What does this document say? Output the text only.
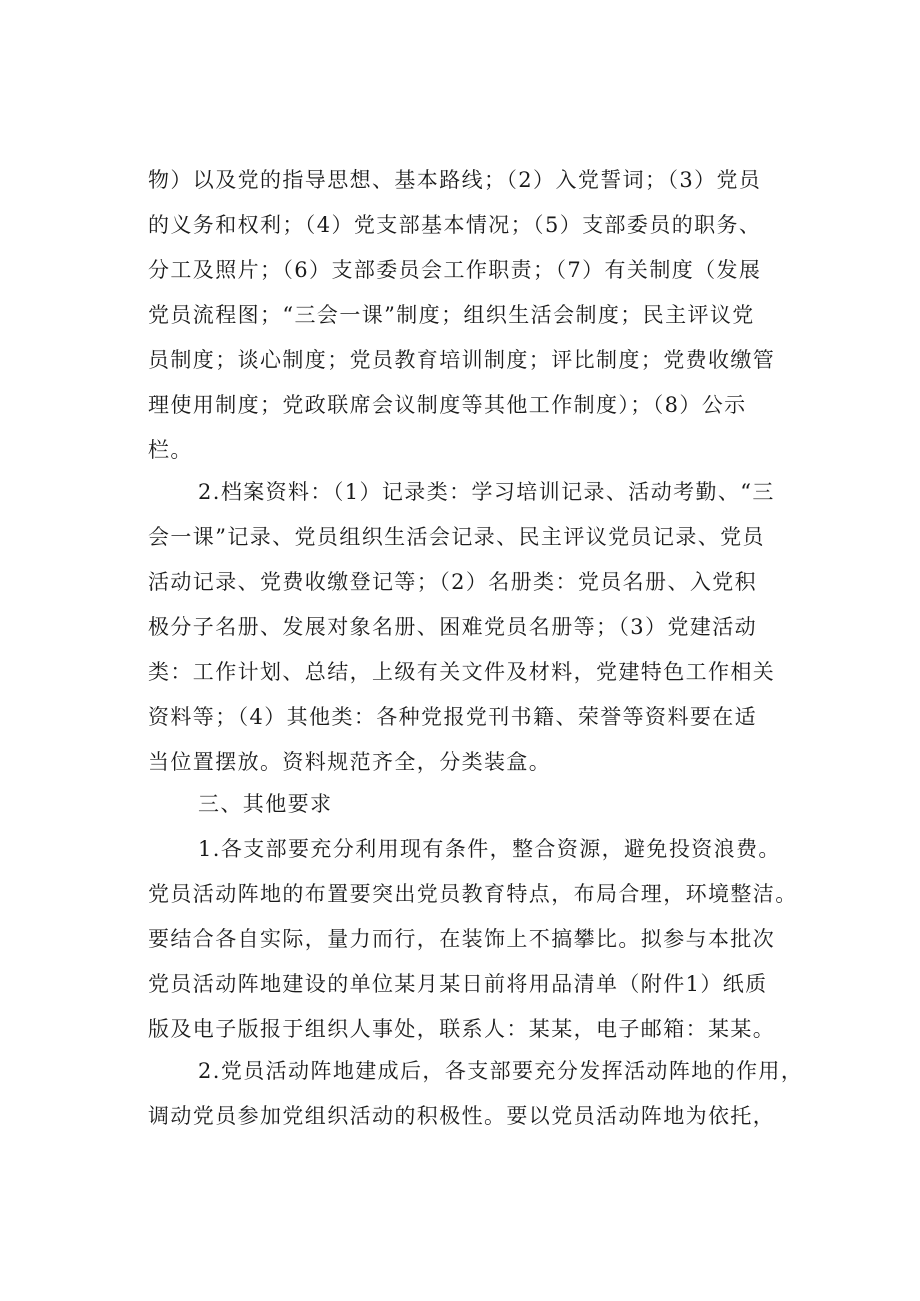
物）以及党的指导思想、基本路线；（2）入党誓词；（3）党员
的义务和权利；（4）党支部基本情况；（5）支部委员的职务、
分工及照片；（6）支部委员会工作职责；（7）有关制度（发展
党员流程图；“三会一课”制度；组织生活会制度；民主评议党
员制度；谈心制度；党员教育培训制度；评比制度；党费收缴管
理使用制度；党政联席会议制度等其他工作制度）；（8）公示
栏。
2.档案资料：（1）记录类：学习培训记录、活动考勤、“三
会一课”记录、党员组织生活会记录、民主评议党员记录、党员
活动记录、党费收缴登记等；（2）名册类：党员名册、入党积
极分子名册、发展对象名册、困难党员名册等；（3）党建活动
类：工作计划、总结，上级有关文件及材料，党建特色工作相关
资料等；（4）其他类：各种党报党刊书籍、荣誉等资料要在适
当位置摆放。资料规范齐全，分类装盒。
三、其他要求
1.各支部要充分利用现有条件，整合资源，避免投资浪费。
党员活动阵地的布置要突出党员教育特点，布局合理，环境整洁。
要结合各自实际，量力而行，在装饰上不搞攀比。拟参与本批次
党员活动阵地建设的单位某月某日前将用品清单（附件1）纸质
版及电子版报于组织人事处，联系人：某某，电子邮箱：某某。
2.党员活动阵地建成后，各支部要充分发挥活动阵地的作用，
调动党员参加党组织活动的积极性。要以党员活动阵地为依托，
